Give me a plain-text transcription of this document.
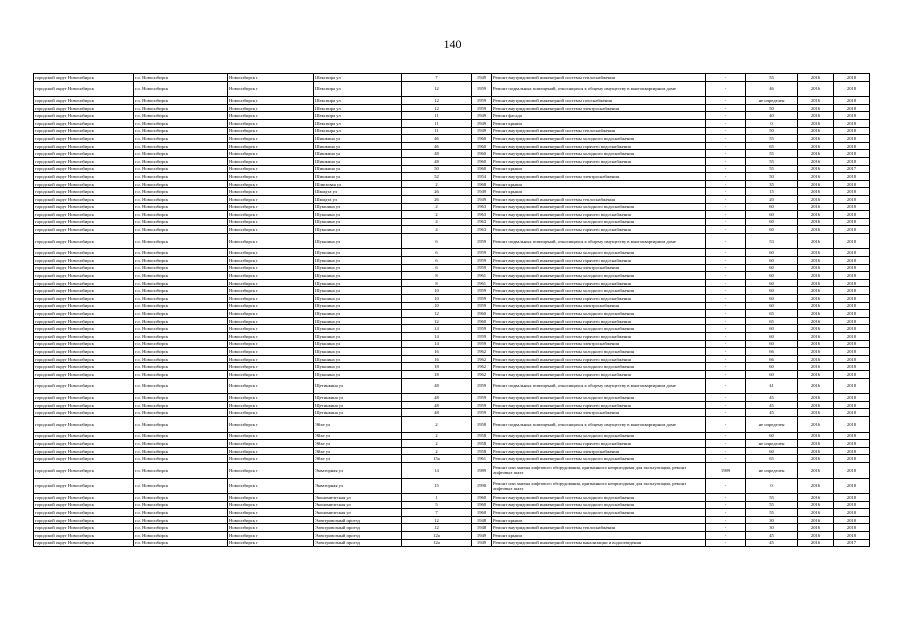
140
городской округ Новосибирск	г.о. Новосибирск	Новосибирск г	Шекспира ул	7	1949	Ремонт внутридомовой инженерной системы теплоснабжения	-	55	2016	2018
городской округ Новосибирск	г.о. Новосибирск	Новосибирск г	Шекспира ул	12	1959	Ремонт подвальных помещений, относящихся к общему имуществу в многоквартирном доме	-	46	2016	2018
городской округ Новосибирск	г.о. Новосибирск	Новосибирск г	Шекспира ул	12	1959	Ремонт внутридомовой инженерной системы газоснабжения	-	не определен	2016	2018
городской округ Новосибирск	г.о. Новосибирск	Новосибирск г	Шекспира ул	12	1959	Ремонт внутридомовой инженерной системы электроснабжения	-	50	2016	2018
городской округ Новосибирск	г.о. Новосибирск	Новосибирск г	Шекспира ул	11	1949	Ремонт фасада	-	40	2016	2018
городской округ Новосибирск	г.о. Новосибирск	Новосибирск г	Шекспира ул	11	1949	Ремонт крыши	-	0	2016	2018
городской округ Новосибирск	г.о. Новосибирск	Новосибирск г	Шекспира ул	11	1949	Ремонт внутридомовой инженерной системы теплоснабжения	-	50	2016	2018
городской округ Новосибирск	г.о. Новосибирск	Новосибирск г	Шишкина ул	46	1960	Ремонт внутридомовой инженерной системы холодного водоснабжения	-	55	2016	2018
городской округ Новосибирск	г.о. Новосибирск	Новосибирск г	Шишкина ул	46	1960	Ремонт внутридомовой инженерной системы горячего водоснабжения	-	65	2016	2018
городской округ Новосибирск	г.о. Новосибирск	Новосибирск г	Шишкина ул	48	1960	Ремонт внутридомовой инженерной системы холодного водоснабжения	-	55	2016	2018
городской округ Новосибирск	г.о. Новосибирск	Новосибирск г	Шишкина ул	48	1960	Ремонт внутридомовой инженерной системы горячего водоснабжения	-	55	2016	2018
городской округ Новосибирск	г.о. Новосибирск	Новосибирск г	Шишкина ул	50	1960	Ремонт крыши	-	55	2016	2017
городской округ Новосибирск	г.о. Новосибирск	Новосибирск г	Шишкина ул	52	1954	Ремонт внутридомовой инженерной системы электроснабжения	-	50	2016	2018
городской округ Новосибирск	г.о. Новосибирск	Новосибирск г	Шлюзовая ул	2	1968	Ремонт крыши	-	35	2016	2018
городской округ Новосибирск	г.о. Новосибирск	Новосибирск г	Шмидта ул	26	1949	Ремонт крыши	-	15	2016	2018
городской округ Новосибирск	г.о. Новосибирск	Новосибирск г	Шмидта ул	26	1949	Ремонт внутридомовой инженерной системы теплоснабжения	-	20	2016	2018
городской округ Новосибирск	г.о. Новосибирск	Новосибирск г	Шукшина ул	2	1963	Ремонт внутридомовой инженерной системы холодного водоснабжения	-	60	2016	2018
городской округ Новосибирск	г.о. Новосибирск	Новосибирск г	Шукшина ул	2	1963	Ремонт внутридомовой инженерной системы горячего водоснабжения	-	60	2016	2018
городской округ Новосибирск	г.о. Новосибирск	Новосибирск г	Шукшина ул	4	1963	Ремонт внутридомовой инженерной системы холодного водоснабжения	-	60	2016	2018
городской округ Новосибирск	г.о. Новосибирск	Новосибирск г	Шукшина ул	4	1963	Ремонт внутридомовой инженерной системы горячего водоснабжения	-	60	2016	2018
городской округ Новосибирск	г.о. Новосибирск	Новосибирск г	Шукшина ул	6	1959	Ремонт подвальных помещений, относящихся к общему имуществу в многоквартирном доме	-	53	2016	2018
городской округ Новосибирск	г.о. Новосибирск	Новосибирск г	Шукшина ул	6	1959	Ремонт внутридомовой инженерной системы холодного водоснабжения	-	60	2016	2018
городской округ Новосибирск	г.о. Новосибирск	Новосибирск г	Шукшина ул	6	1959	Ремонт внутридомовой инженерной системы горячего водоснабжения	-	60	2016	2018
городской округ Новосибирск	г.о. Новосибирск	Новосибирск г	Шукшина ул	6	1959	Ремонт внутридомовой инженерной системы электроснабжения	-	60	2016	2018
городской округ Новосибирск	г.о. Новосибирск	Новосибирск г	Шукшина ул	8	1961	Ремонт внутридомовой инженерной системы холодного водоснабжения	-	60	2016	2018
городской округ Новосибирск	г.о. Новосибирск	Новосибирск г	Шукшина ул	8	1961	Ремонт внутридомовой инженерной системы горячего водоснабжения	-	60	2016	2018
городской округ Новосибирск	г.о. Новосибирск	Новосибирск г	Шукшина ул	10	1959	Ремонт внутридомовой инженерной системы холодного водоснабжения	-	60	2016	2018
городской округ Новосибирск	г.о. Новосибирск	Новосибирск г	Шукшина ул	10	1959	Ремонт внутридомовой инженерной системы горячего водоснабжения	-	60	2016	2018
городской округ Новосибирск	г.о. Новосибирск	Новосибирск г	Шукшина ул	10	1959	Ремонт внутридомовой инженерной системы электроснабжения	-	60	2016	2018
городской округ Новосибирск	г.о. Новосибирск	Новосибирск г	Шукшина ул	12	1960	Ремонт внутридомовой инженерной системы холодного водоснабжения	-	65	2016	2018
городской округ Новосибирск	г.о. Новосибирск	Новосибирск г	Шукшина ул	12	1960	Ремонт внутридомовой инженерной системы горячего водоснабжения	-	65	2016	2018
городской округ Новосибирск	г.о. Новосибирск	Новосибирск г	Шукшина ул	14	1959	Ремонт внутридомовой инженерной системы холодного водоснабжения	-	60	2016	2018
городской округ Новосибирск	г.о. Новосибирск	Новосибирск г	Шукшина ул	14	1959	Ремонт внутридомовой инженерной системы горячего водоснабжения	-	60	2016	2018
городской округ Новосибирск	г.о. Новосибирск	Новосибирск г	Шукшина ул	14	1959	Ремонт внутридомовой инженерной системы электроснабжения	-	60	2016	2018
городской округ Новосибирск	г.о. Новосибирск	Новосибирск г	Шукшина ул	16	1962	Ремонт внутридомовой инженерной системы холодного водоснабжения	-	66	2016	2018
городской округ Новосибирск	г.о. Новосибирск	Новосибирск г	Шукшина ул	16	1962	Ремонт внутридомовой инженерной системы горячего водоснабжения	-	66	2016	2018
городской округ Новосибирск	г.о. Новосибирск	Новосибирск г	Шукшина ул	18	1962	Ремонт внутридомовой инженерной системы холодного водоснабжения	-	60	2016	2018
городской округ Новосибирск	г.о. Новосибирск	Новосибирск г	Шукшина ул	18	1962	Ремонт внутридомовой инженерной системы горячего водоснабжения	-	60	2016	2018
городской округ Новосибирск	г.о. Новосибирск	Новосибирск г	Щетинкина ул	48	1959	Ремонт подвальных помещений, относящихся к общему имуществу в многоквартирном доме	-	41	2016	2018
городской округ Новосибирск	г.о. Новосибирск	Новосибирск г	Щетинкина ул	48	1959	Ремонт внутридомовой инженерной системы холодного водоснабжения	-	45	2016	2018
городской округ Новосибирск	г.о. Новосибирск	Новосибирск г	Щетинкина ул	48	1959	Ремонт внутридомовой инженерной системы горячего водоснабжения	-	45	2016	2018
городской округ Новосибирск	г.о. Новосибирск	Новосибирск г	Щетинкина ул	48	1959	Ремонт внутридомовой инженерной системы электроснабжения	-	45	2016	2018
городской округ Новосибирск	г.о. Новосибирск	Новосибирск г	Эйхе ул	2	1958	Ремонт подвальных помещений, относящихся к общему имуществу в многоквартирном доме	-	не определен	2016	2018
городской округ Новосибирск	г.о. Новосибирск	Новосибирск г	Эйхе ул	2	1958	Ремонт внутридомовой инженерной системы холодного водоснабжения	-	60	2016	2018
городской округ Новосибирск	г.о. Новосибирск	Новосибирск г	Эйхе ул	2	1958	Ремонт внутридомовой инженерной системы горячего водоснабжения	-	не определен	2016	2018
городской округ Новосибирск	г.о. Новосибирск	Новосибирск г	Эйхе ул	2	1958	Ремонт внутридомовой инженерной системы электроснабжения	-	60	2016	2018
городской округ Новосибирск	г.о. Новосибирск	Новосибирск г	Эйхе ул	15а	1961	Ремонт внутридомовой инженерной системы холодного водоснабжения	-	65	2016	2018
городской округ Новосибирск	г.о. Новосибирск	Новосибирск г	Экваторная ул	14	1989	Ремонт или замена лифтового оборудования, признанного непригодным для эксплуатации, ремонт лифтовых шахт	1989	не определен	2016	2018
городской округ Новосибирск	г.о. Новосибирск	Новосибирск г	Экваторная ул	15	1990	Ремонт или замена лифтового оборудования, признанного непригодным для эксплуатации, ремонт лифтовых шахт	-	0	2016	2018
городской округ Новосибирск	г.о. Новосибирск	Новосибирск г	Экономическая ул	1	1960	Ремонт внутридомовой инженерной системы холодного водоснабжения	-	55	2016	2018
городской округ Новосибирск	г.о. Новосибирск	Новосибирск г	Экономическая ул	5	1960	Ремонт внутридомовой инженерной системы холодного водоснабжения	-	55	2016	2018
городской округ Новосибирск	г.о. Новосибирск	Новосибирск г	Экономическая ул	7	1960	Ремонт внутридомовой инженерной системы холодного водоснабжения	-	55	2016	2018
городской округ Новосибирск	г.о. Новосибирск	Новосибирск г	Электровозный проезд	12	1948	Ремонт крыши	-	30	2016	2018
городской округ Новосибирск	г.о. Новосибирск	Новосибирск г	Электровозный проезд	12	1948	Ремонт внутридомовой инженерной системы теплоснабжения	-	30	2016	2018
городской округ Новосибирск	г.о. Новосибирск	Новосибирск г	Электровозный проезд	12а	1949	Ремонт крыши	-	45	2016	2018
городской округ Новосибирск	г.о. Новосибирск	Новосибирск г	Электровозный проезд	12а	1949	Ремонт внутридомовой инженерной системы канализации и водоотведения	-	45	2016	2017
